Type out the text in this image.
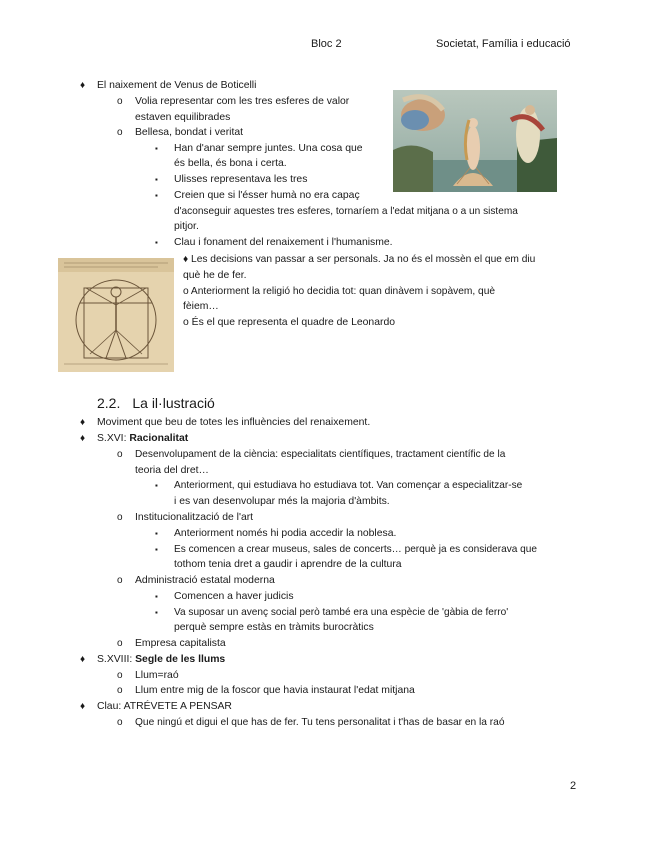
Bloc 2	Societat, Família i educació
♦ El naixement de Venus de Boticelli
o Volia representar com les tres esferes de valor
estaven equilibrades
o Bellesa, bondat i veritat
▪ Han d'anar sempre juntes. Una cosa que
és bella, és bona i certa.
▪ Ulisses representava les tres
▪ Creien que si l'ésser humà no era capaç
d'aconseguir aquestes tres esferes, tornaríem a l'edat mitjana o a un sistema
pitjor.
▪ Clau i fonament del renaixement i l'humanisme.
♦ Les decisions van passar a ser personals. Ja no és el mossèn el que em diu
què he de fer.
o Anteriorment la religió ho decidia tot: quan dinàvem i sopàvem, què
fèiem…
o És el que representa el quadre de Leonardo
2.2. La il·lustració
♦ Moviment que beu de totes les influències del renaixement.
♦ S.XVI: Racionalitat
o Desenvolupament de la ciència: especialitats científiques, tractament científic de la
teoria del dret…
▪ Anteriorment, qui estudiava ho estudiava tot. Van començar a especialitzar-se
i es van desenvolupar més la majoria d'àmbits.
o Institucionalització de l'art
▪ Anteriorment només hi podia accedir la noblesa.
▪ Es comencen a crear museus, sales de concerts… perquè ja es considerava que
tothom tenia dret a gaudir i aprendre de la cultura
o Administració estatal moderna
▪ Comencen a haver judicis
▪ Va suposar un avenç social però també era una espècie de 'gàbia de ferro'
perquè sempre estàs en tràmits burocràtics
o Empresa capitalista
♦ S.XVIII: Segle de les llums
o Llum=raó
o Llum entre mig de la foscor que havia instaurat l'edat mitjana
♦ Clau: ATRÉVETE A PENSAR
o Que ningú et digui el que has de fer. Tu tens personalitat i t'has de basar en la raó
2
